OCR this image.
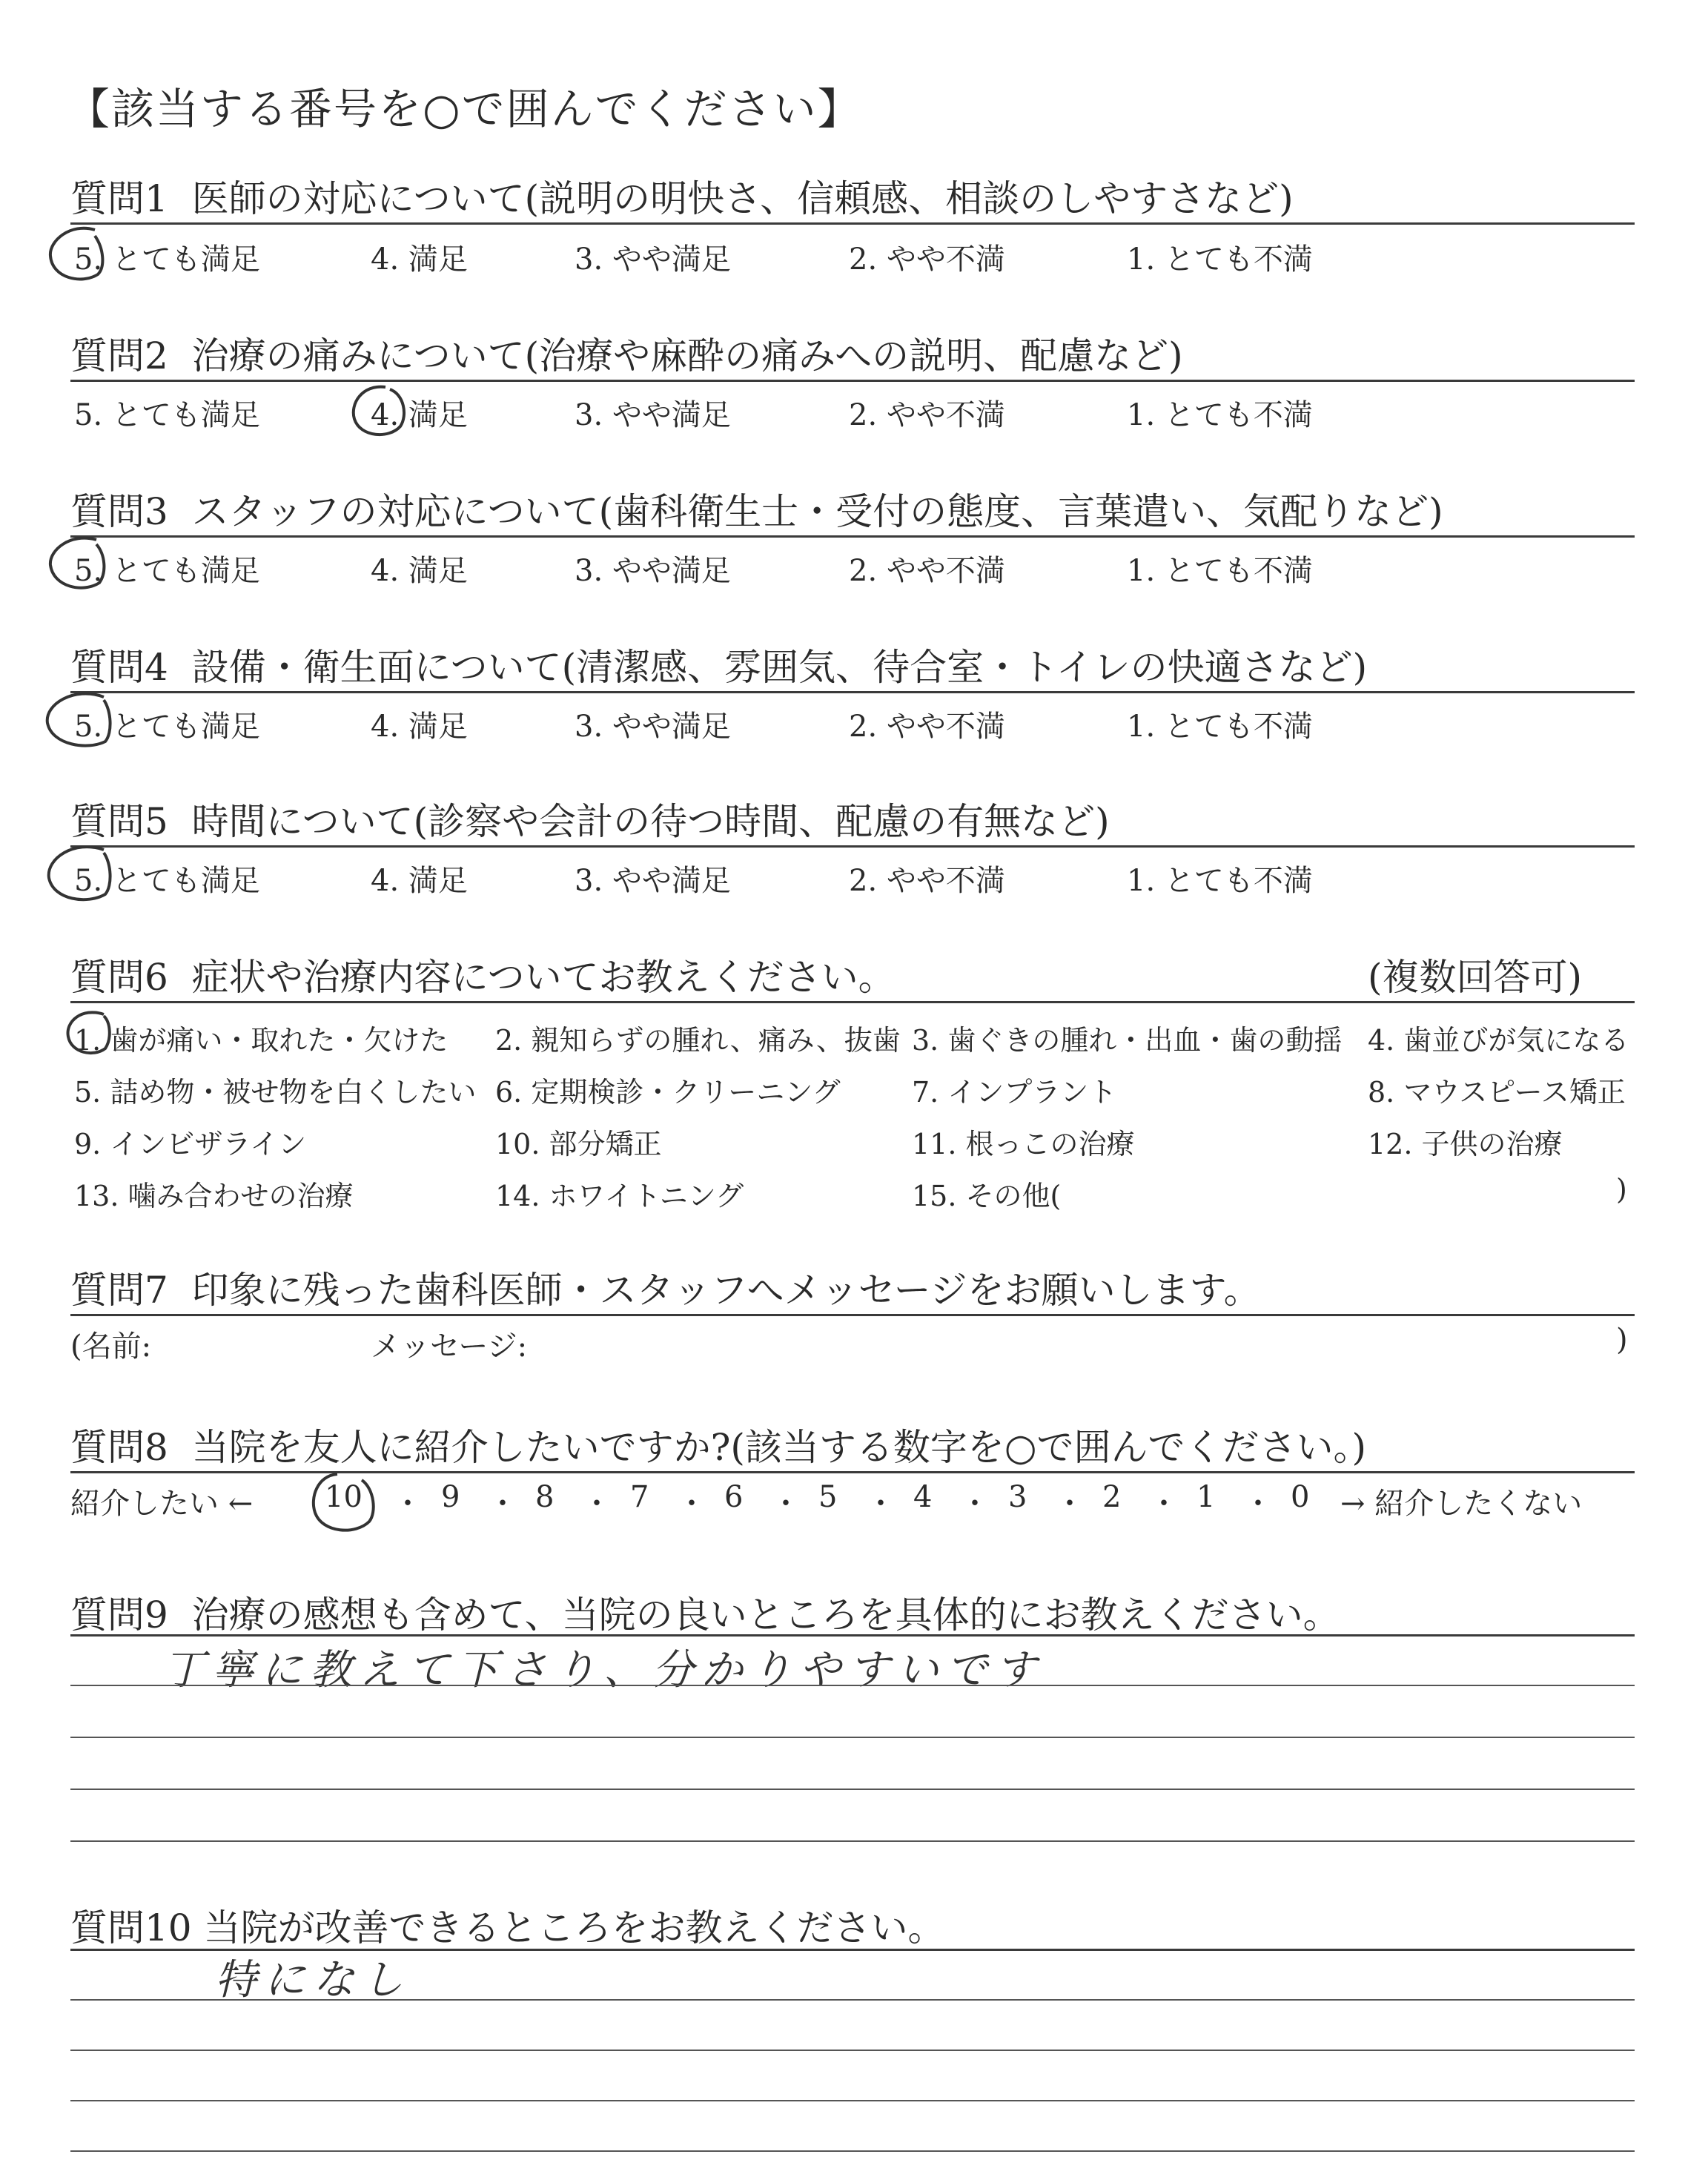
【該当する番号を○で囲んでください】
質問1 医師の対応について(説明の明快さ、信頼感、相談のしやすさなど)
5. とても満足	4. 満足	3. やや満足	2. やや不満	1. とても不満
質問2 治療の痛みについて(治療や麻酔の痛みへの説明、配慮など)
5. とても満足	4. 満足	3. やや満足	2. やや不満	1. とても不満
質問3 スタッフの対応について(歯科衛生士・受付の態度、言葉遣い、気配りなど)
5. とても満足	4. 満足	3. やや満足	2. やや不満	1. とても不満
質問4 設備・衛生面について(清潔感、雰囲気、待合室・トイレの快適さなど)
5. とても満足	4. 満足	3. やや満足	2. やや不満	1. とても不満
質問5 時間について(診察や会計の待つ時間、配慮の有無など)
5. とても満足	4. 満足	3. やや満足	2. やや不満	1. とても不満
質問6 症状や治療内容についてお教えください。	(複数回答可)
1. 歯が痛い・取れた・欠けた 2. 親知らずの腫れ、痛み、抜歯 3. 歯ぐきの腫れ・出血・歯の動揺 4. 歯並びが気になる
5. 詰め物・被せ物を白くしたい 6. 定期検診・クリーニング	7. インプラント	8. マウスピース矯正
9. インビザライン	10. 部分矯正	11. 根っこの治療	12. 子供の治療
13. 噛み合わせの治療	14. ホワイトニング	15. その他(	)
質問7 印象に残った歯科医師・スタッフへメッセージをお願いします。
(名前:	メッセージ:	)
質問8 当院を友人に紹介したいですか?(該当する数字を○で囲んでください。)
紹介したい ← 10 ・ 9 ・ 8 ・ 7 ・ 6 ・ 5 ・ 4 ・ 3 ・ 2 ・ 1 ・ 0 → 紹介したくない
質問9 治療の感想も含めて、当院の良いところを具体的にお教えください。
丁寧に教えて下さり、分かりやすいです
質問10 当院が改善できるところをお教えください。
特になし
